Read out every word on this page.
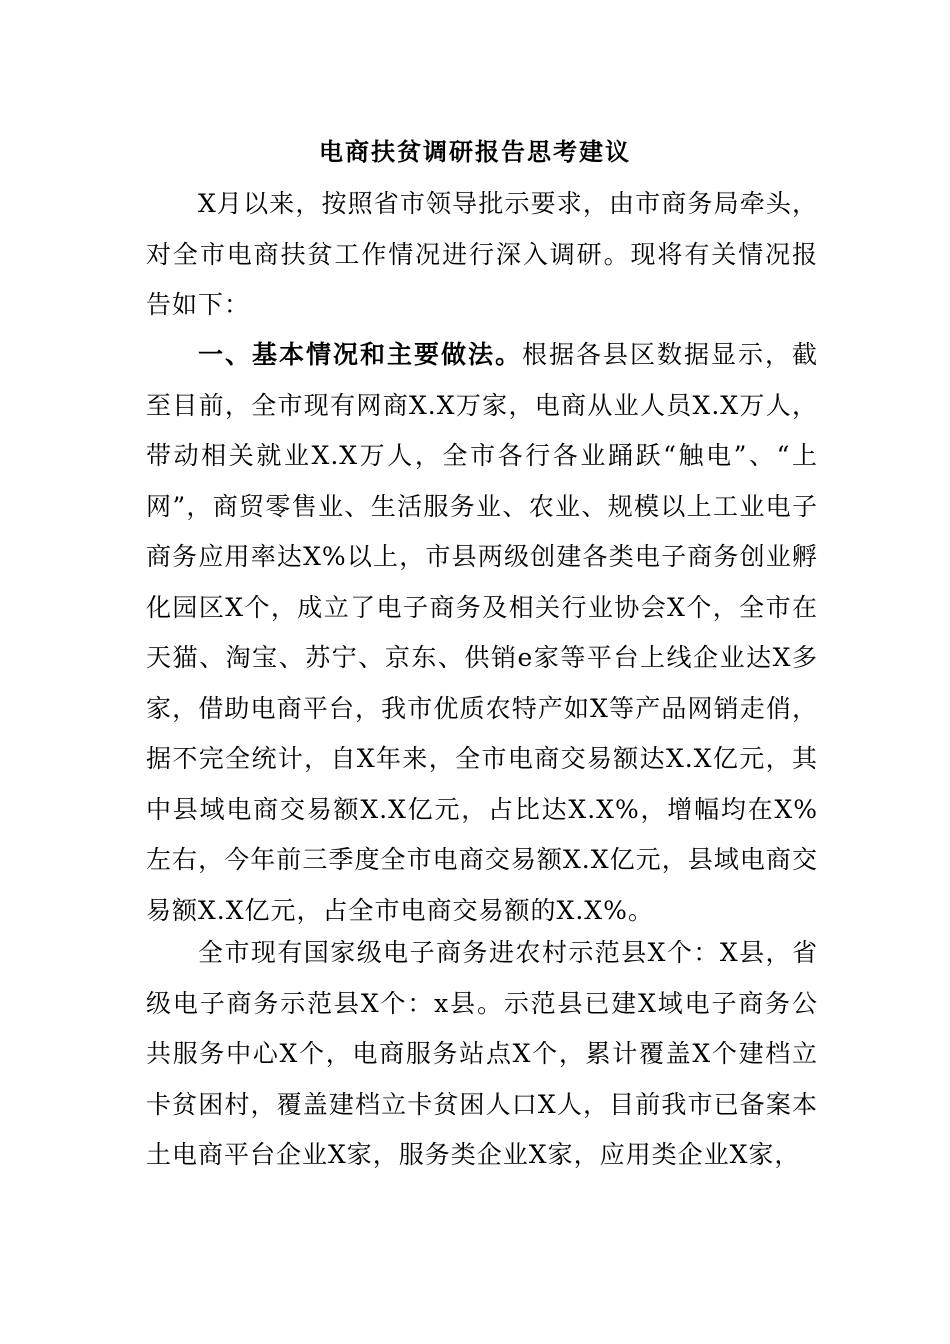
电商扶贫调研报告思考建议

X月以来，按照省市领导批示要求，由市商务局牵头，对全市电商扶贫工作情况进行深入调研。现将有关情况报告如下：

一、基本情况和主要做法。根据各县区数据显示，截至目前，全市现有网商X.X万家，电商从业人员X.X万人，带动相关就业X.X万人，全市各行各业踊跃“触电”、“上网”，商贸零售业、生活服务业、农业、规模以上工业电子商务应用率达X%以上，市县两级创建各类电子商务创业孵化园区X个，成立了电子商务及相关行业协会X个，全市在天猫、淘宝、苏宁、京东、供销e家等平台上线企业达X多家，借助电商平台，我市优质农特产如X等产品网销走俏，据不完全统计，自X年来，全市电商交易额达X.X亿元，其中县域电商交易额X.X亿元，占比达X.X%，增幅均在X%左右，今年前三季度全市电商交易额X.X亿元，县域电商交易额X.X亿元，占全市电商交易额的X.X%。

全市现有国家级电子商务进农村示范县X个：X县，省级电子商务示范县X个：x县。示范县已建X域电子商务公共服务中心X个，电商服务站点X个，累计覆盖X个建档立卡贫困村，覆盖建档立卡贫困人口X人，目前我市已备案本土电商平台企业X家，服务类企业X家，应用类企业X家，
